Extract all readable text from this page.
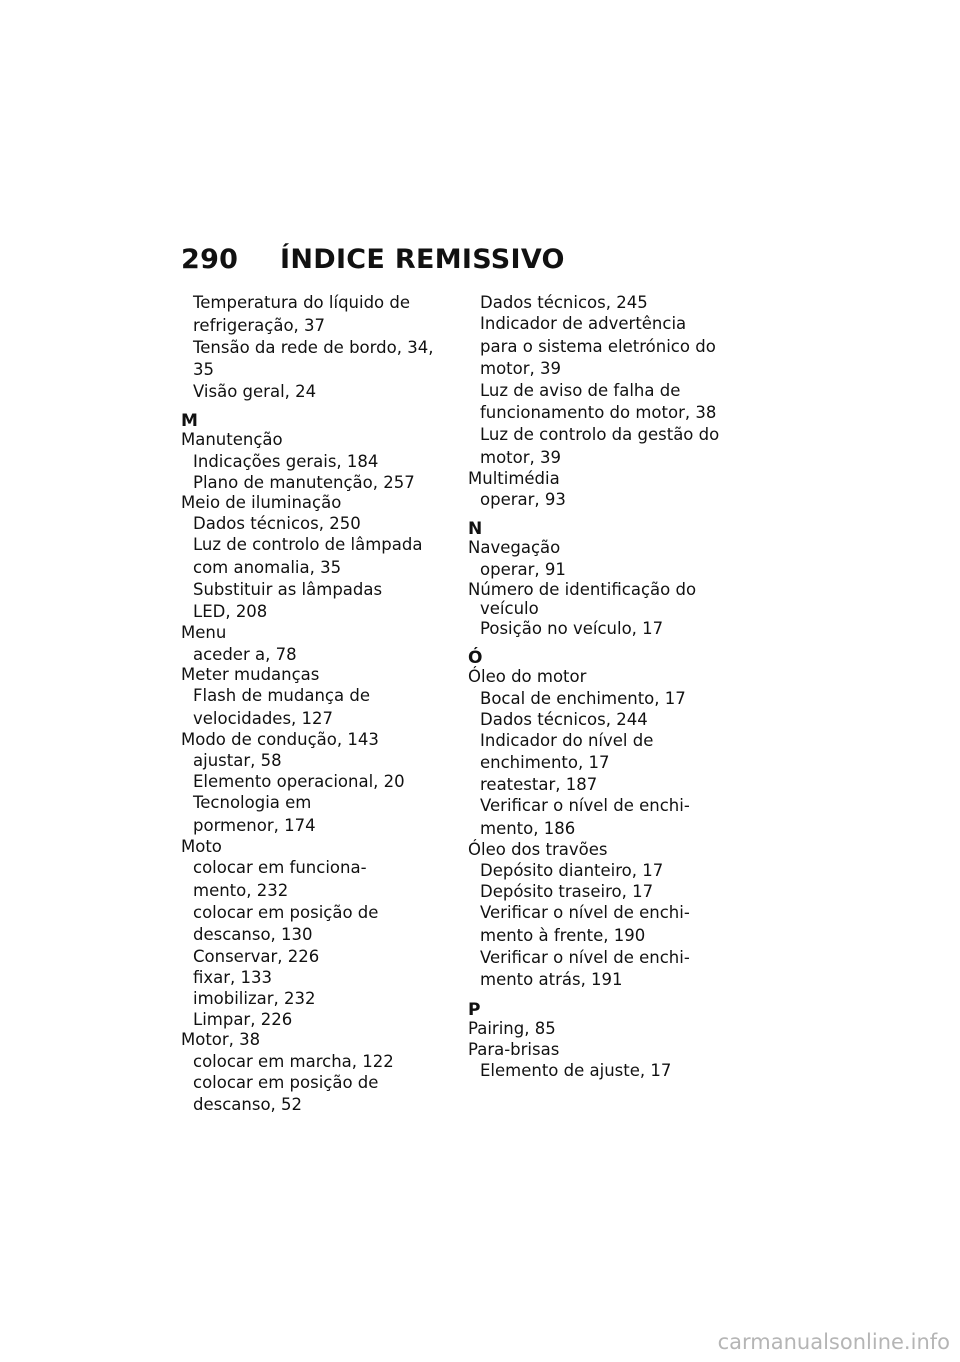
290 ÍNDICE REMISSIVO
Temperatura do líquido de
refrigeração, 37
Tensão da rede de bordo, 34,
35
Visão geral, 24
M
Manutenção
Indicações gerais, 184
Plano de manutenção, 257
Meio de iluminação
Dados técnicos, 250
Luz de controlo de lâmpada
com anomalia, 35
Substituir as lâmpadas
LED, 208
Menu
aceder a, 78
Meter mudanças
Flash de mudança de
velocidades, 127
Modo de condução, 143
ajustar, 58
Elemento operacional, 20
Tecnologia em
pormenor, 174
Moto
colocar em funciona-
mento, 232
colocar em posição de
descanso, 130
Conservar, 226
fixar, 133
imobilizar, 232
Limpar, 226
Motor, 38
colocar em marcha, 122
colocar em posição de
descanso, 52
Dados técnicos, 245
Indicador de advertência
para o sistema eletrónico do
motor, 39
Luz de aviso de falha de
funcionamento do motor, 38
Luz de controlo da gestão do
motor, 39
Multimédia
operar, 93
N
Navegação
operar, 91
Número de identificação do
veículo
Posição no veículo, 17
Ó
Óleo do motor
Bocal de enchimento, 17
Dados técnicos, 244
Indicador do nível de
enchimento, 17
reatestar, 187
Verificar o nível de enchi-
mento, 186
Óleo dos travões
Depósito dianteiro, 17
Depósito traseiro, 17
Verificar o nível de enchi-
mento à frente, 190
Verificar o nível de enchi-
mento atrás, 191
P
Pairing, 85
Para-brisas
Elemento de ajuste, 17
carmanualsonline.info
